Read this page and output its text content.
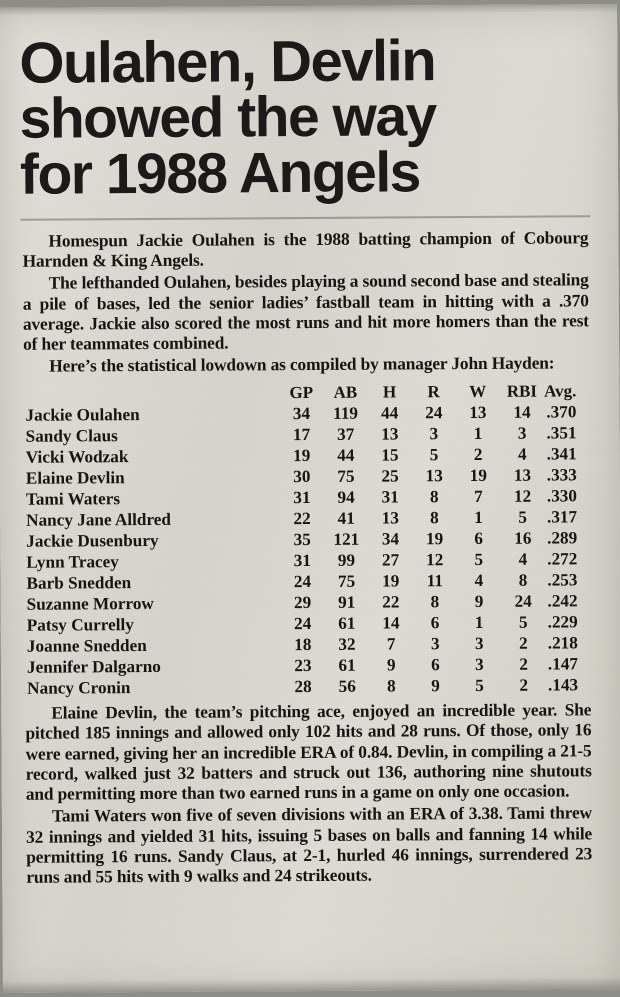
Oulahen, Devlin
showed the way
for 1988 Angels

Homespun Jackie Oulahen is the 1988 batting champion of Cobourg Harnden & King Angels.

The lefthanded Oulahen, besides playing a sound second base and stealing a pile of bases, led the senior ladies’ fastball team in hitting with a .370 average. Jackie also scored the most runs and hit more homers than the rest of her teammates combined.

Here’s the statistical lowdown as compiled by manager John Hayden:

	GP	AB	H	R	W	RBI	Avg.
Jackie Oulahen	34	119	44	24	13	14	.370
Sandy Claus	17	37	13	3	1	3	.351
Vicki Wodzak	19	44	15	5	2	4	.341
Elaine Devlin	30	75	25	13	19	13	.333
Tami Waters	31	94	31	8	7	12	.330
Nancy Jane Alldred	22	41	13	8	1	5	.317
Jackie Dusenbury	35	121	34	19	6	16	.289
Lynn Tracey	31	99	27	12	5	4	.272
Barb Snedden	24	75	19	11	4	8	.253
Suzanne Morrow	29	91	22	8	9	24	.242
Patsy Currelly	24	61	14	6	1	5	.229
Joanne Snedden	18	32	7	3	3	2	.218
Jennifer Dalgarno	23	61	9	6	3	2	.147
Nancy Cronin	28	56	8	9	5	2	.143

Elaine Devlin, the team’s pitching ace, enjoyed an incredible year. She pitched 185 innings and allowed only 102 hits and 28 runs. Of those, only 16 were earned, giving her an incredible ERA of 0.84. Devlin, in compiling a 21-5 record, walked just 32 batters and struck out 136, authoring nine shutouts and permitting more than two earned runs in a game on only one occasion.

Tami Waters won five of seven divisions with an ERA of 3.38. Tami threw 32 innings and yielded 31 hits, issuing 5 bases on balls and fanning 14 while permitting 16 runs. Sandy Claus, at 2-1, hurled 46 innings, surrendered 23 runs and 55 hits with 9 walks and 24 strikeouts.
